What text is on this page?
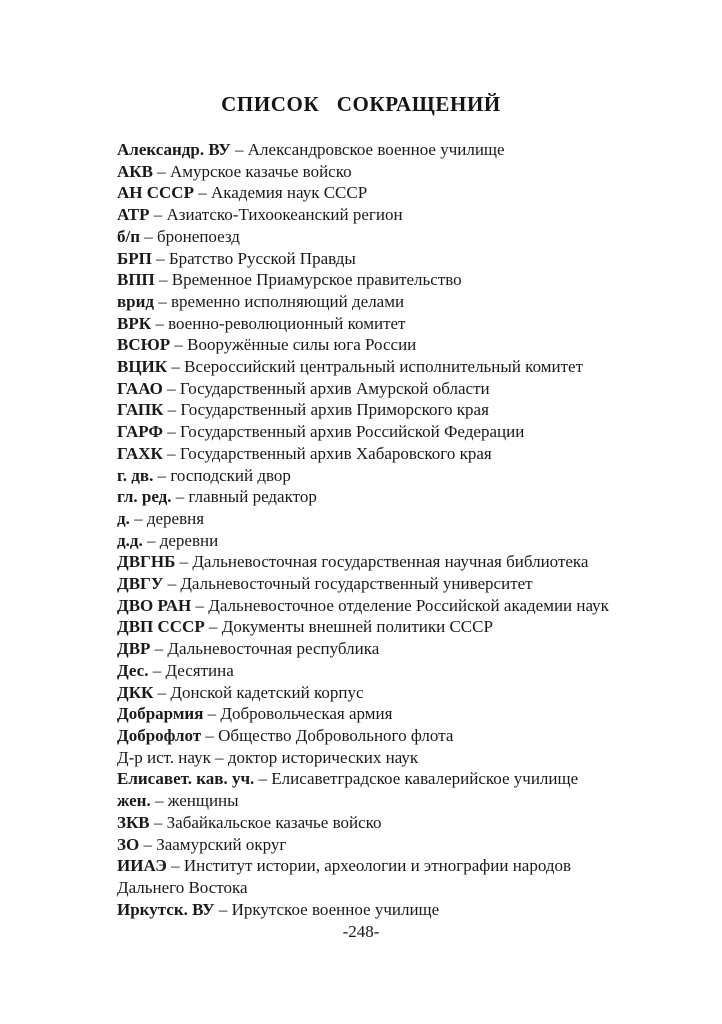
СПИСОК СОКРАЩЕНИЙ

Александр. ВУ – Александровское военное училище

АКВ – Амурское казачье войско

АН СССР – Академия наук СССР

АТР – Азиатско-Тихоокеанский регион

б/п – бронепоезд

БРП – Братство Русской Правды

ВПП – Временное Приамурское правительство

врид – временно исполняющий делами

ВРК – военно-революционный комитет

ВСЮР – Вооружённые силы юга России

ВЦИК – Всероссийский центральный исполнительный комитет

ГААО – Государственный архив Амурской области

ГАПК – Государственный архив Приморского края

ГАРФ – Государственный архив Российской Федерации

ГАХК – Государственный архив Хабаровского края

г. дв. – господский двор

гл. ред. – главный редактор

д. – деревня

д.д. – деревни

ДВГНБ – Дальневосточная государственная научная библиотека

ДВГУ – Дальневосточный государственный университет

ДВО РАН – Дальневосточное отделение Российской академии наук

ДВП СССР – Документы внешней политики СССР

ДВР – Дальневосточная республика

Дес. – Десятина

ДКК – Донской кадетский корпус

Добрармия – Добровольческая армия

Доброфлот – Общество Добровольного флота

Д-р ист. наук – доктор исторических наук

Елисавет. кав. уч. – Елисаветградское кавалерийское училище

жен. – женщины

ЗКВ – Забайкальское казачье войско

ЗО – Заамурский округ

ИИАЭ – Институт истории, археологии и этнографии народов Дальнего Востока

Иркутск. ВУ – Иркутское военное училище

-248-
